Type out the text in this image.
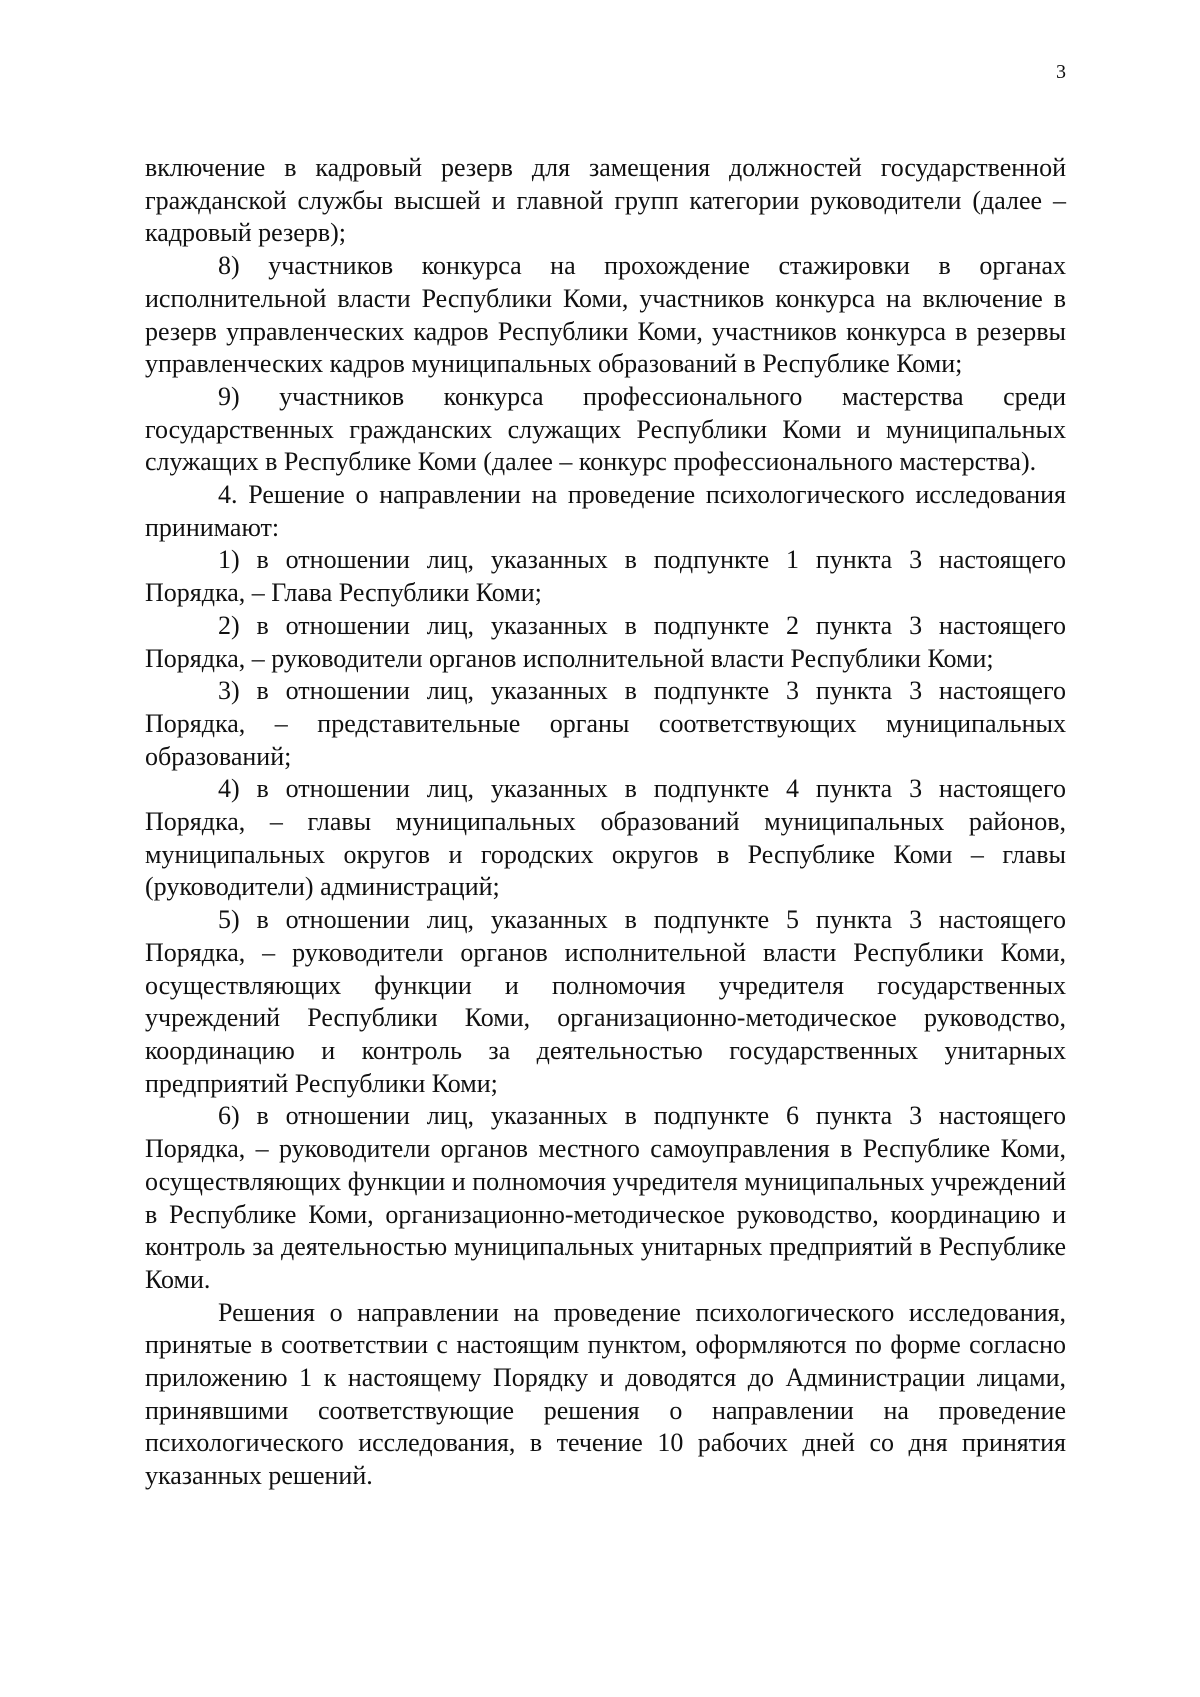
3

включение в кадровый резерв для замещения должностей государственной гражданской службы высшей и главной групп категории руководители (далее – кадровый резерв);

8) участников конкурса на прохождение стажировки в органах исполнительной власти Республики Коми, участников конкурса на включение в резерв управленческих кадров Республики Коми, участников конкурса в резервы управленческих кадров муниципальных образований в Республике Коми;

9) участников конкурса профессионального мастерства среди государственных гражданских служащих Республики Коми и муниципальных служащих в Республике Коми (далее – конкурс профессионального мастерства).

4. Решение о направлении на проведение психологического исследования принимают:

1) в отношении лиц, указанных в подпункте 1 пункта 3 настоящего Порядка, – Глава Республики Коми;

2) в отношении лиц, указанных в подпункте 2 пункта 3 настоящего Порядка, – руководители органов исполнительной власти Республики Коми;

3) в отношении лиц, указанных в подпункте 3 пункта 3 настоящего Порядка, – представительные органы соответствующих муниципальных образований;

4) в отношении лиц, указанных в подпункте 4 пункта 3 настоящего Порядка, – главы муниципальных образований муниципальных районов, муниципальных округов и городских округов в Республике Коми – главы (руководители) администраций;

5) в отношении лиц, указанных в подпункте 5 пункта 3 настоящего Порядка, – руководители органов исполнительной власти Республики Коми, осуществляющих функции и полномочия учредителя государственных учреждений Республики Коми, организационно-методическое руководство, координацию и контроль за деятельностью государственных унитарных предприятий Республики Коми;

6) в отношении лиц, указанных в подпункте 6 пункта 3 настоящего Порядка, – руководители органов местного самоуправления в Республике Коми, осуществляющих функции и полномочия учредителя муниципальных учреждений в Республике Коми, организационно-методическое руководство, координацию и контроль за деятельностью муниципальных унитарных предприятий в Республике Коми.

Решения о направлении на проведение психологического исследования, принятые в соответствии с настоящим пунктом, оформляются по форме согласно приложению 1 к настоящему Порядку и доводятся до Администрации лицами, принявшими соответствующие решения о направлении на проведение психологического исследования, в течение 10 рабочих дней со дня принятия указанных решений.
